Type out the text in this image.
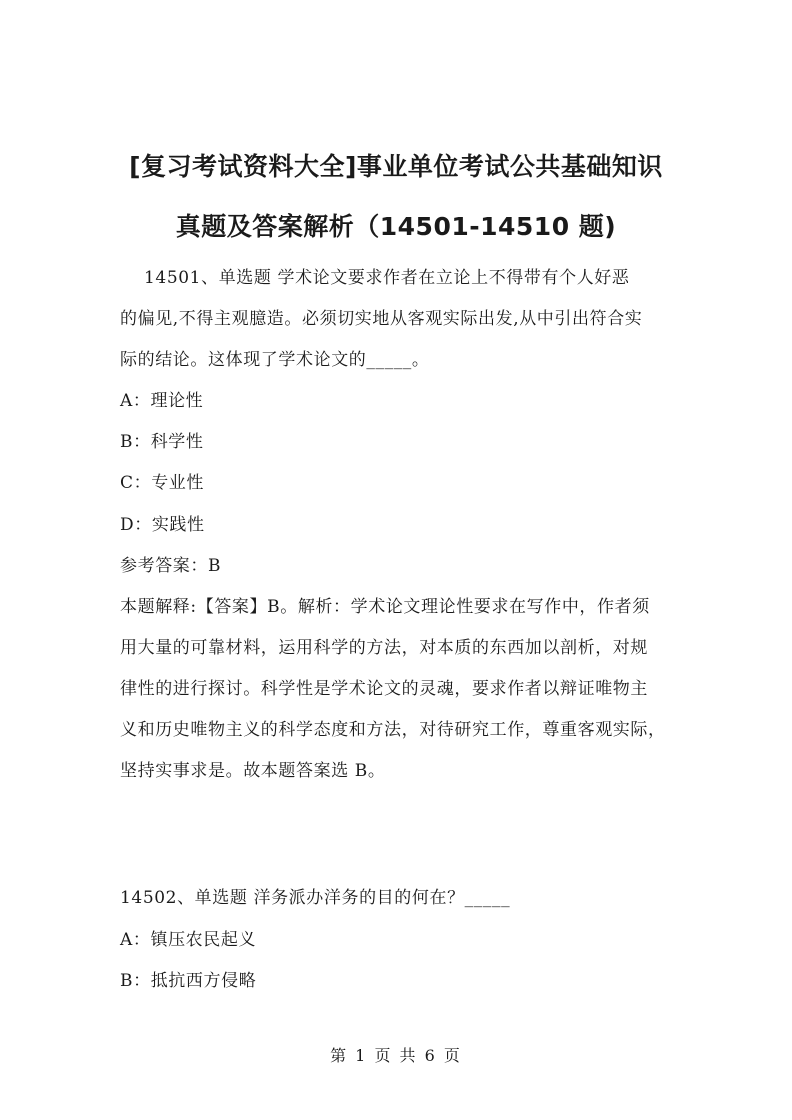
[复习考试资料大全]事业单位考试公共基础知识
真题及答案解析（14501-14510 题)
14501、单选题 学术论文要求作者在立论上不得带有个人好恶
的偏见,不得主观臆造。必须切实地从客观实际出发,从中引出符合实
际的结论。这体现了学术论文的_____。
A：理论性
B：科学性
C：专业性
D：实践性
参考答案：B
本题解释:【答案】B。解析：学术论文理论性要求在写作中，作者须
用大量的可靠材料，运用科学的方法，对本质的东西加以剖析，对规
律性的进行探讨。科学性是学术论文的灵魂，要求作者以辩证唯物主
义和历史唯物主义的科学态度和方法，对待研究工作，尊重客观实际，
坚持实事求是。故本题答案选 B。
14502、单选题 洋务派办洋务的目的何在？_____
A：镇压农民起义
B：抵抗西方侵略
第 1 页 共 6 页
